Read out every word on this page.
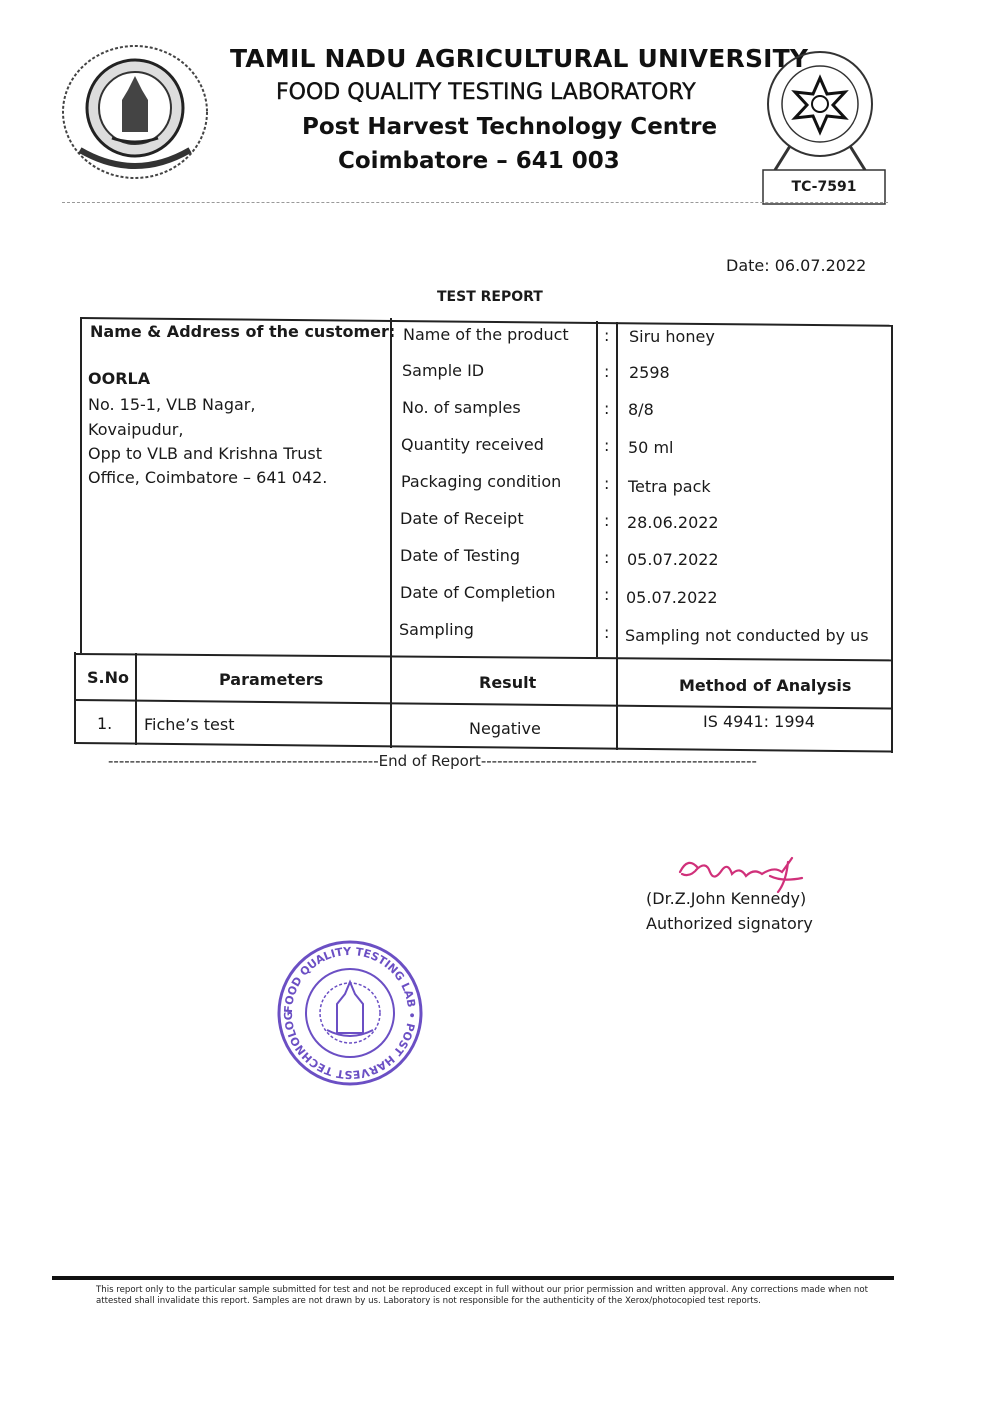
TAMIL NADU AGRICULTURAL UNIVERSITY
FOOD QUALITY TESTING LABORATORY
Post Harvest Technology Centre
Coimbatore – 641 003
TC-7591
Date: 06.07.2022
TEST REPORT
Name & Address of the customer:
OORLA
No. 15-1, VLB Nagar,
Kovaipudur,
Opp to VLB and Krishna Trust
Office, Coimbatore – 641 042.
Name of the product : Siru honey
Sample ID	: 2598
No. of samples	: 8/8
Quantity received	: 50 ml
Packaging condition	: Tetra pack
Date of Receipt	: 28.06.2022
Date of Testing	: 05.07.2022
Date of Completion	: 05.07.2022
Sampling	: Sampling not conducted by us
S.No	Parameters	Result	Method of Analysis
1. Fiche’s test	Negative	IS 4941: 1994
--------------------------------------------------End of Report---------------------------------------------------
(Dr.Z.John Kennedy)
Authorized signatory
FOOD QUALITY TESTING LAB • POST HARVEST TECHNOLOG
This report only to the particular sample submitted for test and not be reproduced except in full without our prior permission and written approval. Any corrections made when not attested shall invalidate this report. Samples are not drawn by us. Laboratory is not responsible for the authenticity of the Xerox/photocopied test reports.
